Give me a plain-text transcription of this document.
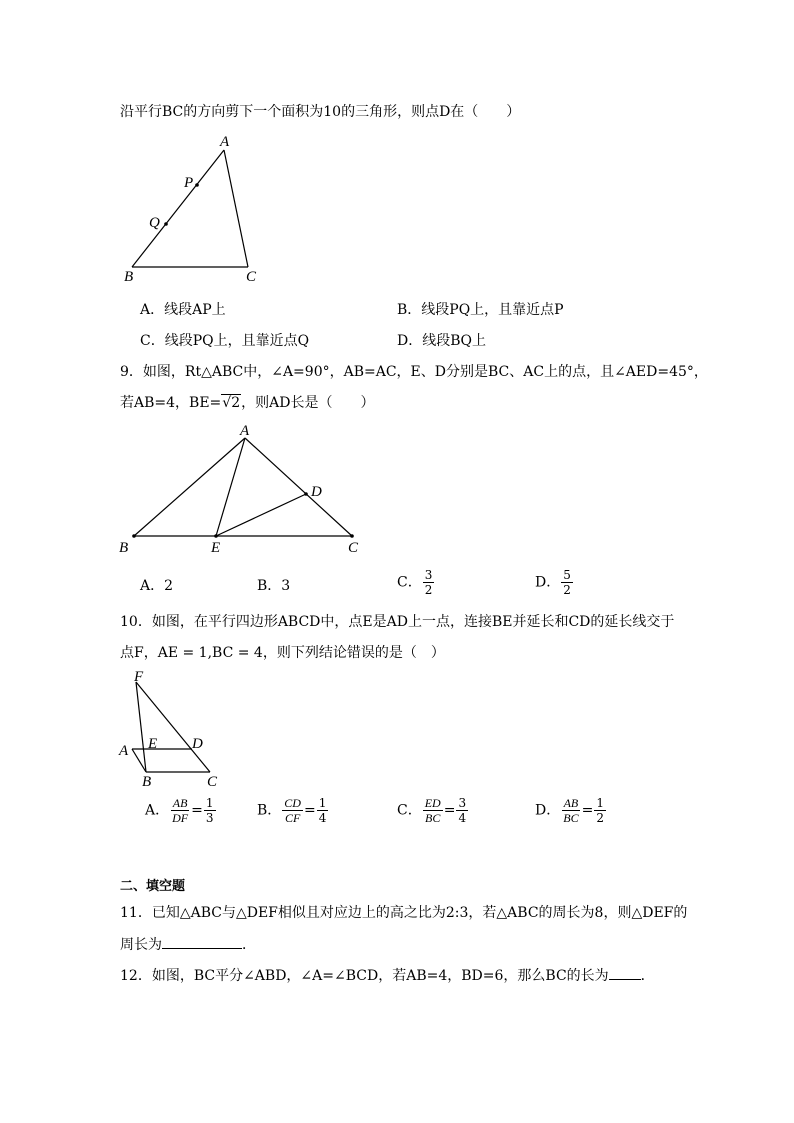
沿平行BC的方向剪下一个面积为10的三角形，则点D在（　　）
A
P
Q
B	C
A．线段AP上	B．线段PQ上，且靠近点P
C．线段PQ上，且靠近点Q	D．线段BQ上
9．如图，Rt△ABC中，∠A=90°，AB=AC，E、D分别是BC、AC上的点，且∠AED=45°，
若AB=4，BE=√2，则AD长是（　　）
A
D
B	E	C
A．2	B．3	C． $\frac{3}{2}$	D． $\frac{5}{2}$
10．如图，在平行四边形ABCD中，点E是AD上一点，连接BE并延长和CD的延长线交于
点F，AE = 1,BC = 4，则下列结论错误的是（　）
F
A E D
B	C
A． $\frac{AB}{DF} = \frac{1}{3}$	B． $\frac{CD}{CF} = \frac{1}{4}$	C． $\frac{ED}{BC} = \frac{3}{4}$	D． $\frac{AB}{BC} = \frac{1}{2}$
二、填空题
11．已知△ABC与△DEF相似且对应边上的高之比为2:3，若△ABC的周长为8，则△DEF的
周长为	．
12．如图，BC平分∠ABD，∠A=∠BCD，若AB=4，BD=6，那么BC的长为 ．
